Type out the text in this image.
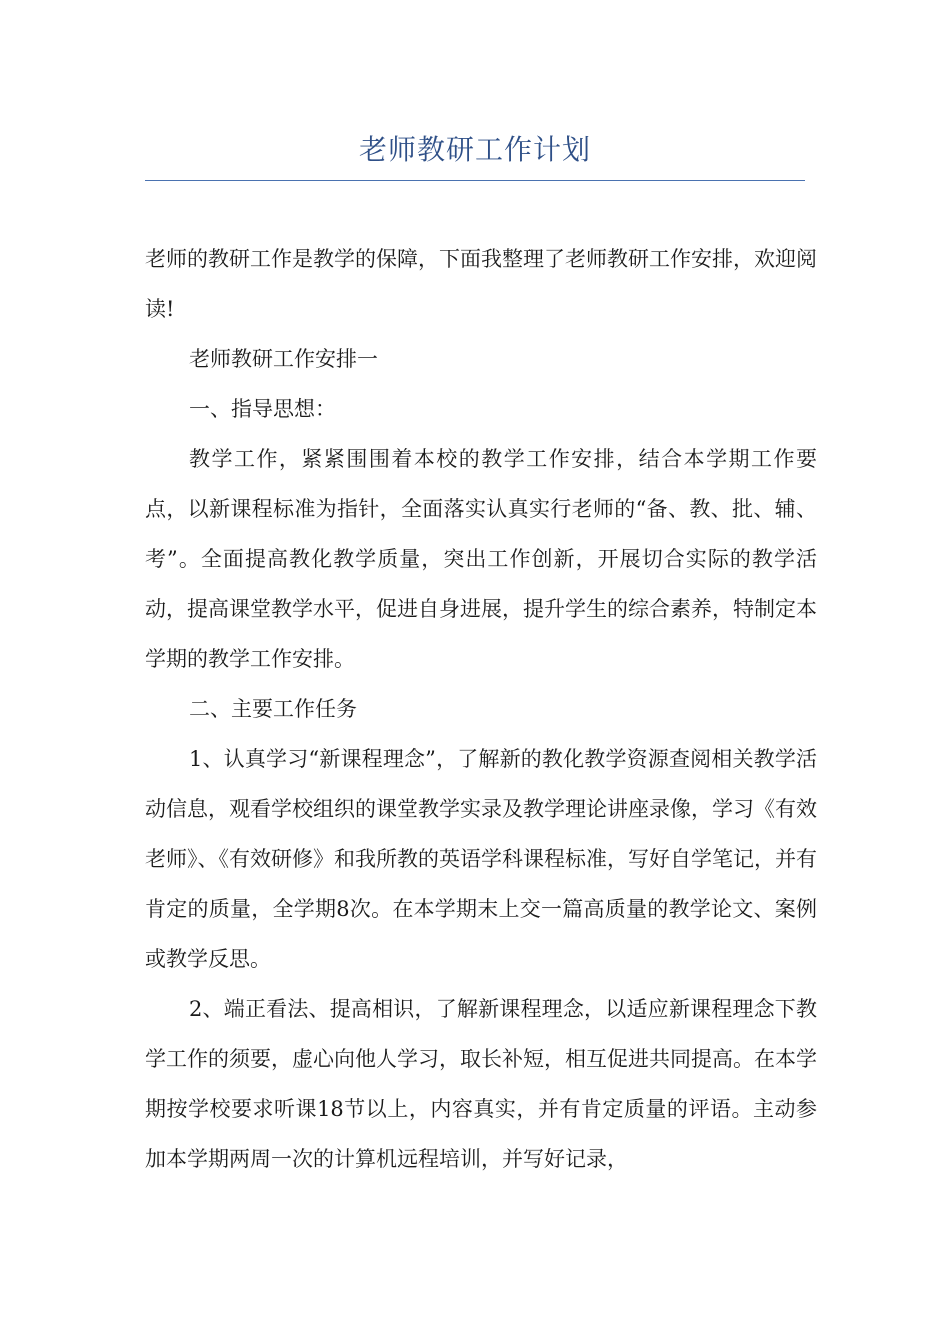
老师教研工作计划

老师的教研工作是教学的保障，下面我整理了老师教研工作安排，欢迎阅读!

老师教研工作安排一

一、指导思想：

教学工作，紧紧围围着本校的教学工作安排，结合本学期工作要点，以新课程标准为指针，全面落实认真实行老师的“备、教、批、辅、考”。全面提高教化教学质量，突出工作创新，开展切合实际的教学活动，提高课堂教学水平，促进自身进展，提升学生的综合素养，特制定本学期的教学工作安排。

二、主要工作任务

1、认真学习“新课程理念”，了解新的教化教学资源查阅相关教学活动信息，观看学校组织的课堂教学实录及教学理论讲座录像，学习《有效老师》、《有效研修》和我所教的英语学科课程标准，写好自学笔记，并有肯定的质量，全学期8次。在本学期末上交一篇高质量的教学论文、案例或教学反思。

2、端正看法、提高相识，了解新课程理念，以适应新课程理念下教学工作的须要，虚心向他人学习，取长补短，相互促进共同提高。在本学期按学校要求听课18节以上，内容真实，并有肯定质量的评语。主动参加本学期两周一次的计算机远程培训，并写好记录，
